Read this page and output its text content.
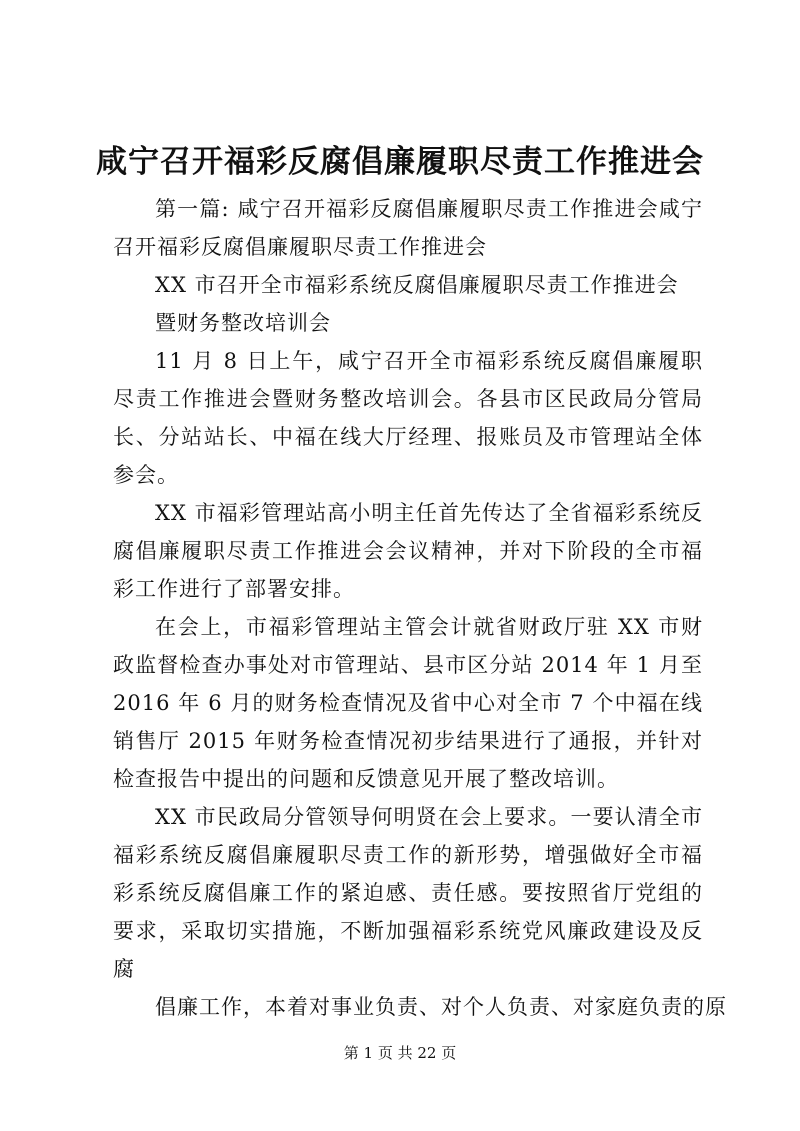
咸宁召开福彩反腐倡廉履职尽责工作推进会

第一篇: 咸宁召开福彩反腐倡廉履职尽责工作推进会咸宁召开福彩反腐倡廉履职尽责工作推进会

XX 市召开全市福彩系统反腐倡廉履职尽责工作推进会

暨财务整改培训会

11 月 8 日上午，咸宁召开全市福彩系统反腐倡廉履职尽责工作推进会暨财务整改培训会。各县市区民政局分管局长、分站站长、中福在线大厅经理、报账员及市管理站全体参会。

XX 市福彩管理站高小明主任首先传达了全省福彩系统反腐倡廉履职尽责工作推进会会议精神，并对下阶段的全市福彩工作进行了部署安排。

在会上，市福彩管理站主管会计就省财政厅驻 XX 市财政监督检查办事处对市管理站、县市区分站 2014 年 1 月至 2016 年 6 月的财务检查情况及省中心对全市 7 个中福在线销售厅 2015 年财务检查情况初步结果进行了通报，并针对检查报告中提出的问题和反馈意见开展了整改培训。

XX 市民政局分管领导何明贤在会上要求。一要认清全市福彩系统反腐倡廉履职尽责工作的新形势，增强做好全市福彩系统反腐倡廉工作的紧迫感、责任感。要按照省厅党组的要求，采取切实措施，不断加强福彩系统党风廉政建设及反腐

倡廉工作，本着对事业负责、对个人负责、对家庭负责的原

第 1 页 共 22 页
